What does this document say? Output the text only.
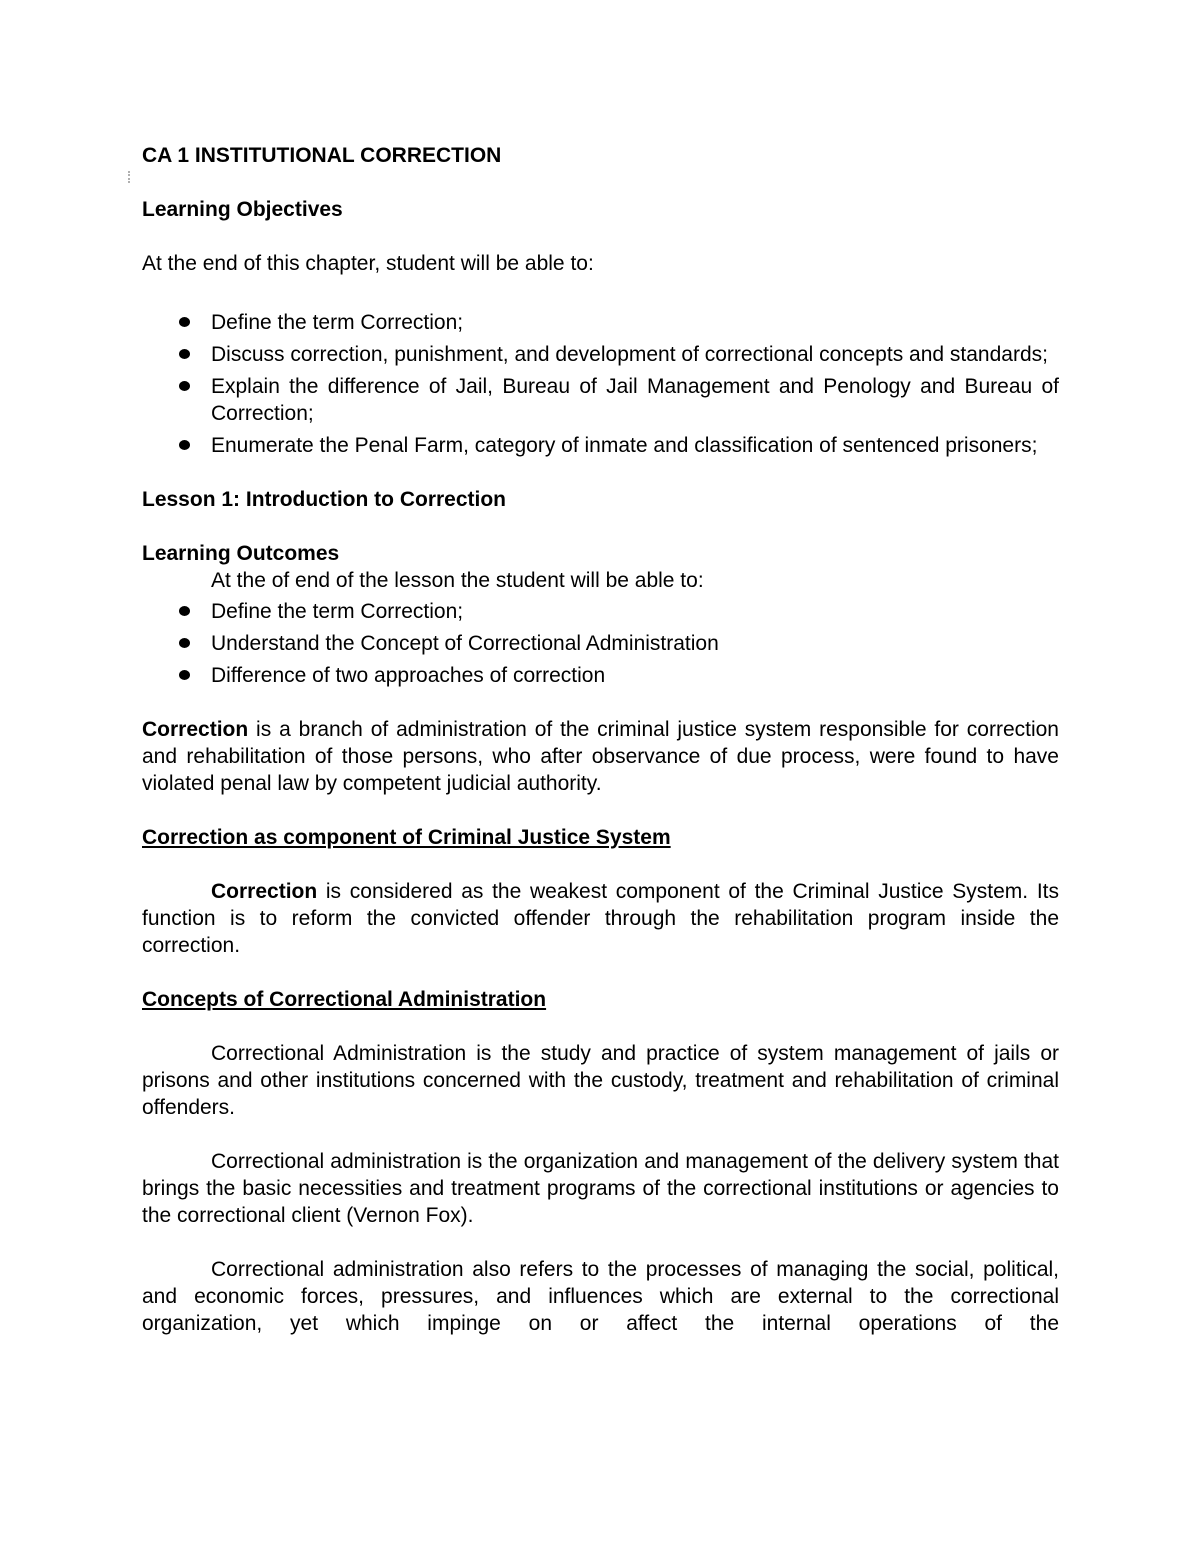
CA 1 INSTITUTIONAL CORRECTION

Learning Objectives

At the end of this chapter, student will be able to:

Define the term Correction;
Discuss correction, punishment, and development of correctional concepts and standards;
Explain the difference of Jail, Bureau of Jail Management and Penology and Bureau of Correction;
Enumerate the Penal Farm, category of inmate and classification of sentenced prisoners;

Lesson 1: Introduction to Correction

Learning Outcomes

At the of end of the lesson the student will be able to:

Define the term Correction;
Understand the Concept of Correctional Administration
Difference of two approaches of correction

Correction is a branch of administration of the criminal justice system responsible for correction and rehabilitation of those persons, who after observance of due process, were found to have violated penal law by competent judicial authority.

Correction as component of Criminal Justice System

Correction is considered as the weakest component of the Criminal Justice System. Its function is to reform the convicted offender through the rehabilitation program inside the correction.

Concepts of Correctional Administration

Correctional Administration is the study and practice of system management of jails or prisons and other institutions concerned with the custody, treatment and rehabilitation of criminal offenders.

Correctional administration is the organization and management of the delivery system that brings the basic necessities and treatment programs of the correctional institutions or agencies to the correctional client (Vernon Fox).

Correctional administration also refers to the processes of managing the social, political, and economic forces, pressures, and influences which are external to the correctional organization, yet which impinge on or affect the internal operations of the
